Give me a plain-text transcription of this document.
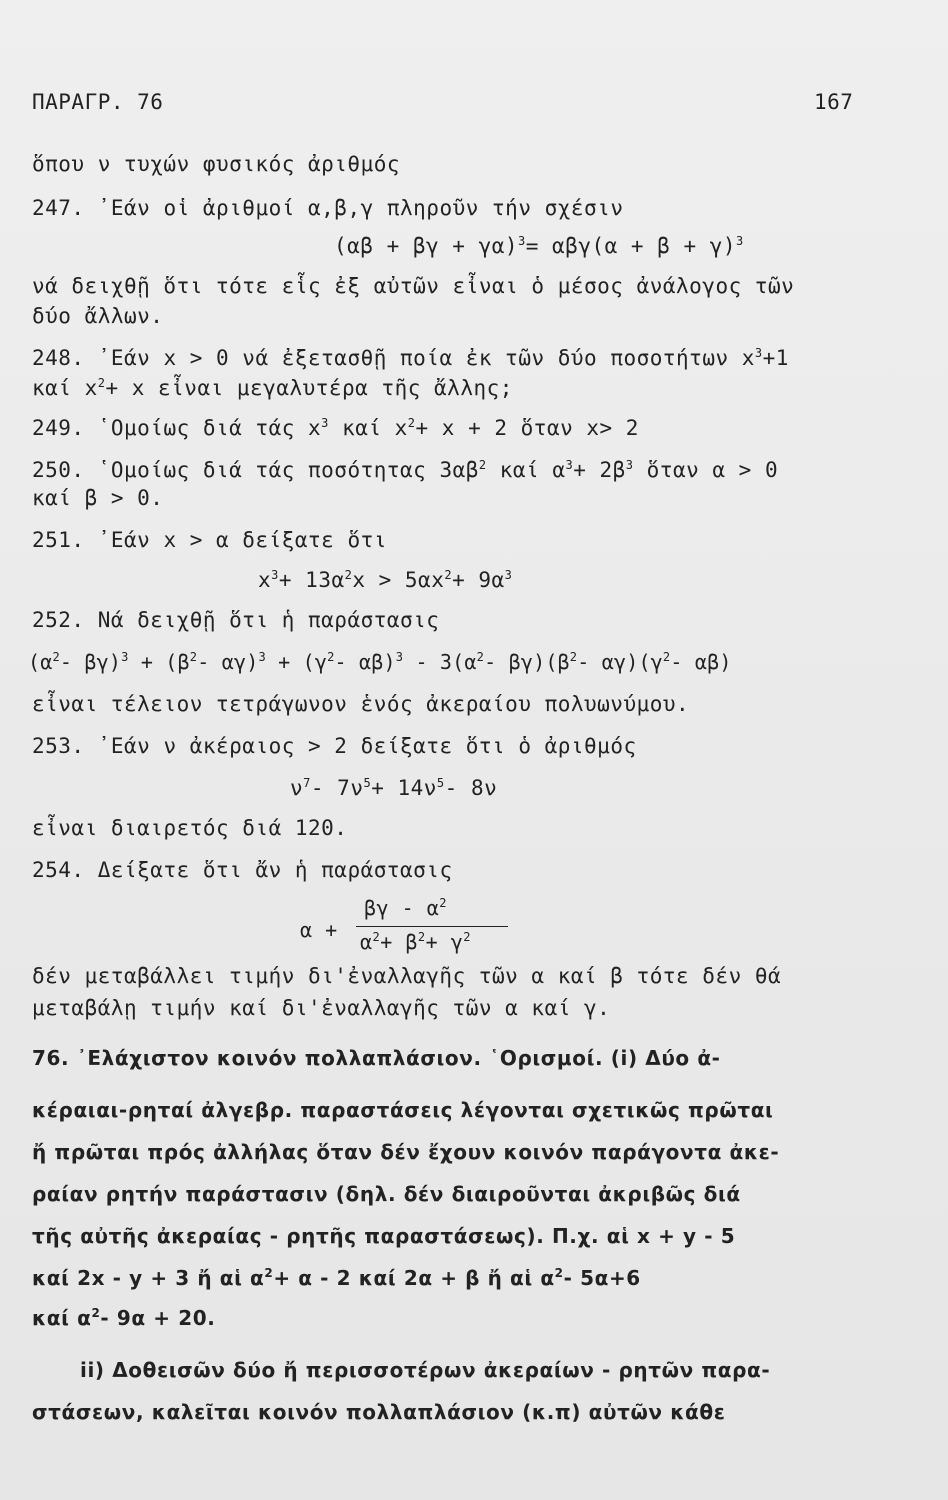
ΠΑΡΑΓΡ. 76	167
ὅπου ν τυχών φυσικός ἀριθμός
247. ᾿Εάν οἱ ἀριθμοί α,β,γ πληροῦν τήν σχέσιν
$(\alpha\beta + \beta\gamma + \gamma\alpha)^3= \alpha\beta\gamma(\alpha + \beta + \gamma)^3$
νά δειχθῇ ὅτι τότε εἷς ἐξ αὐτῶν εἶναι ὁ μέσος ἀνάλογος τῶν
δύο ἄλλων.
248. ᾿Εάν x > 0 νά ἐξετασθῇ ποία ἐκ τῶν δύο ποσοτήτων $x^3+1$
καί $x^2+ x$ εἶναι μεγαλυτέρα τῆς ἄλλης;
249. ῾Ομοίως διά τάς $x^3$ καί $x^2+ x + 2$ ὅταν x> 2
250. ῾Ομοίως διά τάς ποσότητας $3\alpha\beta^2$ καί $\alpha^3+ 2\beta^3$ ὅταν α > 0
καί β > 0.
251. ᾿Εάν x > α δείξατε ὅτι
$x^3+ 13\alpha^2x > 5\alpha x^2+ 9\alpha^3$
252. Νά δειχθῇ ὅτι ἡ παράστασις
($\alpha^2-$ $\beta\gamma)^3 + (\beta^2-$ $\alpha\gamma)^3 + (\gamma^2-$ $\alpha\beta)^3 - 3(\alpha^2-$ $\beta\gamma)(\beta^2-$ $\alpha\gamma)(\gamma^2-$ αβ)
εἶναι τέλειον τετράγωνον ἑνός ἀκεραίου πολυωνύμου.
253. ᾿Εάν ν ἀκέραιος > 2 δείξατε ὅτι ὁ ἀριθμός
$\nu^7-$ $7\nu^5+ 14\nu^5-$ 8ν
εἶναι διαιρετός διά 120.
254. Δείξατε ὅτι ἄν ἡ παράστασις
α +
βγ - $\alpha^2$
$\alpha^2+ \beta^2+ \gamma^2$
δέν μεταβάλλει τιμήν δι'ἐναλλαγῆς τῶν α καί β τότε δέν θά
μεταβάλῃ τιμήν καί δι'ἐναλλαγῆς τῶν α καί γ.
76. ᾿Ελάχιστον κοινόν πολλαπλάσιον. ῾Ορισμοί. (i) Δύο ἀ-
κέραιαι-ρηταί ἀλγεβρ. παραστάσεις λέγονται σχετικῶς πρῶται
ἤ πρῶται πρός ἀλλήλας ὅταν δέν ἔχουν κοινόν παράγοντα ἀκε-
ραίαν ρητήν παράστασιν (δηλ. δέν διαιροῦνται ἀκριβῶς διά
τῆς αὐτῆς ἀκεραίας - ρητῆς παραστάσεως). Π.χ. αἱ x + y - 5
καί 2x - y + 3 ἤ αἱ $\alpha^2+ \alpha - 2$ καί 2α + β ἤ αἱ $\alpha^2-$ 5α+6
καί $\alpha^2-$ 9α + 20.
ii) Δοθεισῶν δύο ἤ περισσοτέρων ἀκεραίων - ρητῶν παρα-
στάσεων, καλεῖται κοινόν πολλαπλάσιον (κ.π) αὐτῶν κάθε
